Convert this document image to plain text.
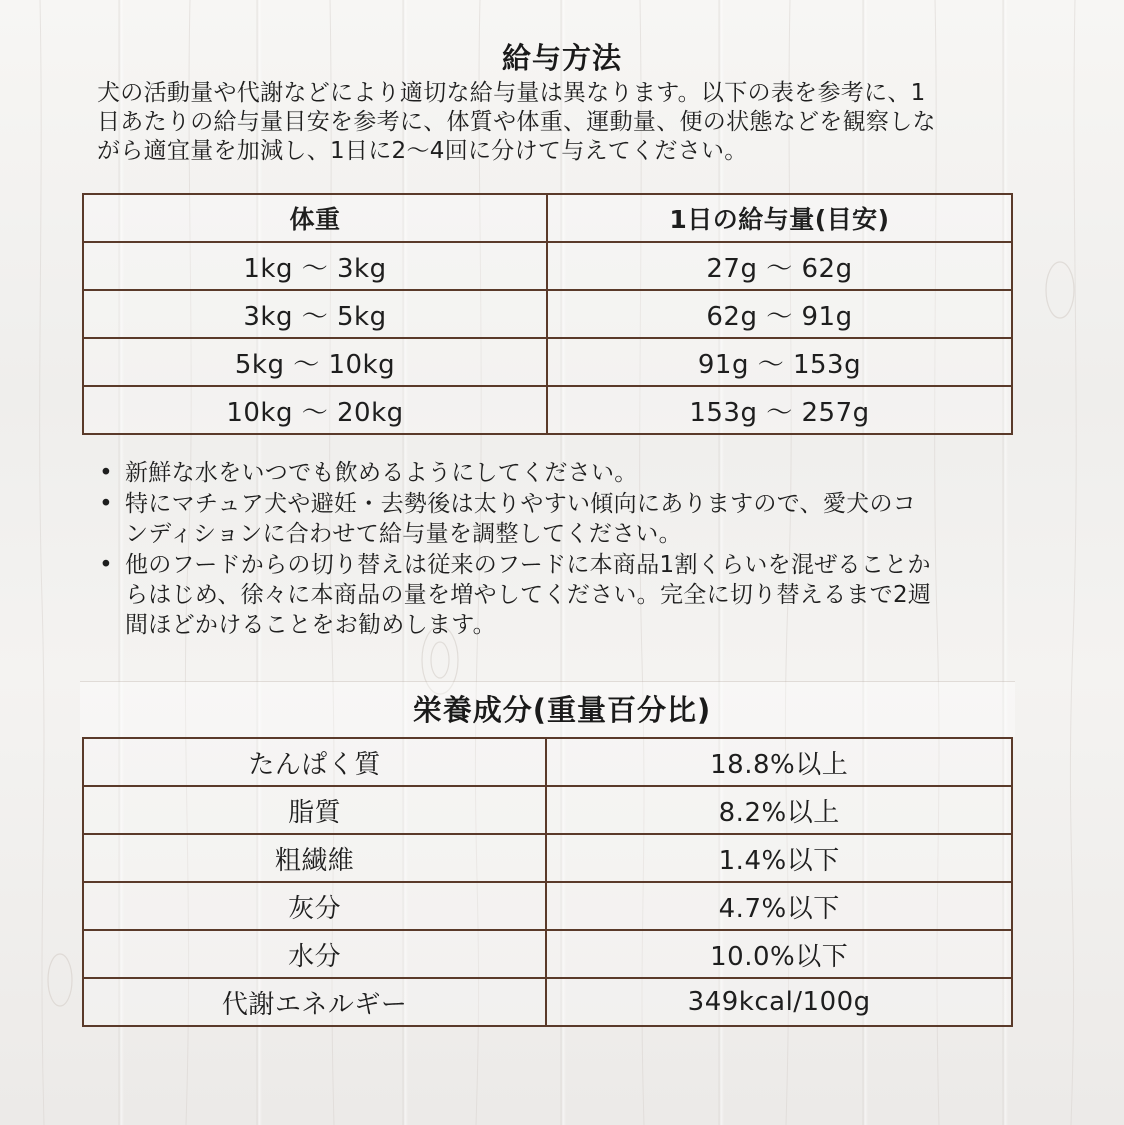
給与方法
犬の活動量や代謝などにより適切な給与量は異なります。以下の表を参考に、1
日あたりの給与量目安を参考に、体質や体重、運動量、便の状態などを観察しな
がら適宜量を加減し、1日に2〜4回に分けて与えてください。
体重	1日の給与量(目安)
1kg 〜 3kg	27g 〜 62g
3kg 〜 5kg	62g 〜 91g
5kg 〜 10kg	91g 〜 153g
10kg 〜 20kg	153g 〜 257g
• 新鮮な水をいつでも飲めるようにしてください。
• 特にマチュア犬や避妊・去勢後は太りやすい傾向にありますので、愛犬のコ
ンディションに合わせて給与量を調整してください。
• 他のフードからの切り替えは従来のフードに本商品1割くらいを混ぜることか
らはじめ、徐々に本商品の量を増やしてください。完全に切り替えるまで2週
間ほどかけることをお勧めします。
栄養成分(重量百分比)
たんぱく質	18.8%以上
脂質	8.2%以上
粗繊維	1.4%以下
灰分	4.7%以下
水分	10.0%以下
代謝エネルギー	349kcal/100g
